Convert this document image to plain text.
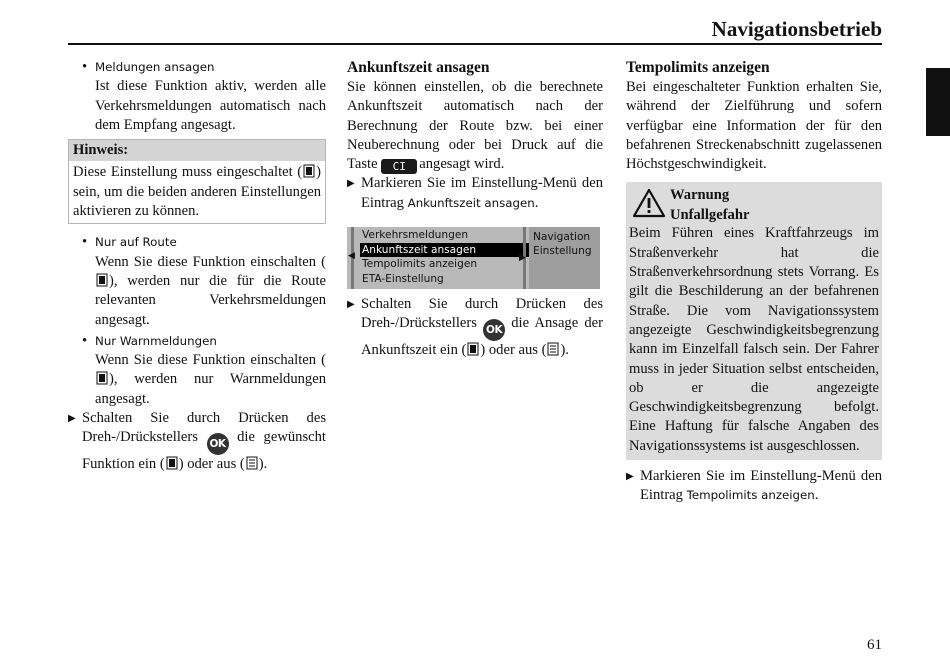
Navigationsbetrieb
• Meldungen ansagen

Ist diese Funktion aktiv, werden alle Verkehrsmeldungen automatisch nach dem Empfang angesagt.

Hinweis:

Diese Einstellung muss eingeschaltet ( ) sein, um die beiden anderen Einstellungen aktivieren zu können.

• Nur auf Route

Wenn Sie diese Funktion einschalten (
), werden nur die für die Route relevanten Verkehrsmeldungen angesagt.

• Nur Warnmeldungen

Wenn Sie diese Funktion einschalten (
), werden nur Warnmeldungen angesagt.

▶ Schalten Sie durch Drücken des Dreh-/Drückstellers OK die gewünscht Funktion ein ( ) oder aus ( ).
Ankunftszeit ansagen

Sie können einstellen, ob die berechnete Ankunftszeit automatisch nach der Berechnung der Route bzw. bei einer Neuberechnung oder bei Druck auf die Taste CI angesagt wird.

▶ Markieren Sie im Einstellung-Menü den Eintrag Ankunftszeit ansagen.
◀
Verkehrsmeldungen
Ankunftszeit ansagen
Tempolimits anzeigen
ETA-Einstellung
▶
Navigation
Einstellung
▶ Schalten Sie durch Drücken des Dreh-/Drückstellers OK die Ansage der Ankunftszeit ein ( ) oder aus ( ).
Tempolimits anzeigen

Bei eingeschalteter Funktion erhalten Sie, während der Zielführung und sofern verfügbar eine Information der für den befahrenen Streckenabschnitt zugelassenen Höchstgeschwindigkeit.

Warnung
Unfallgefahr

Beim Führen eines Kraftfahrzeugs im Straßenverkehr hat die Straßenverkehrsordnung stets Vorrang. Es gilt die Beschilderung an der befahrenen Straße. Die vom Navigationssystem angezeigte Geschwindigkeitsbegrenzung kann im Einzelfall falsch sein. Der Fahrer muss in jeder Situation selbst entscheiden, ob er die angezeigte Geschwindigkeitsbegrenzung befolgt. Eine Haftung für falsche Angaben des Navigationssystems ist ausgeschlossen.

▶ Markieren Sie im Einstellung-Menü den Eintrag Tempolimits anzeigen.
61
